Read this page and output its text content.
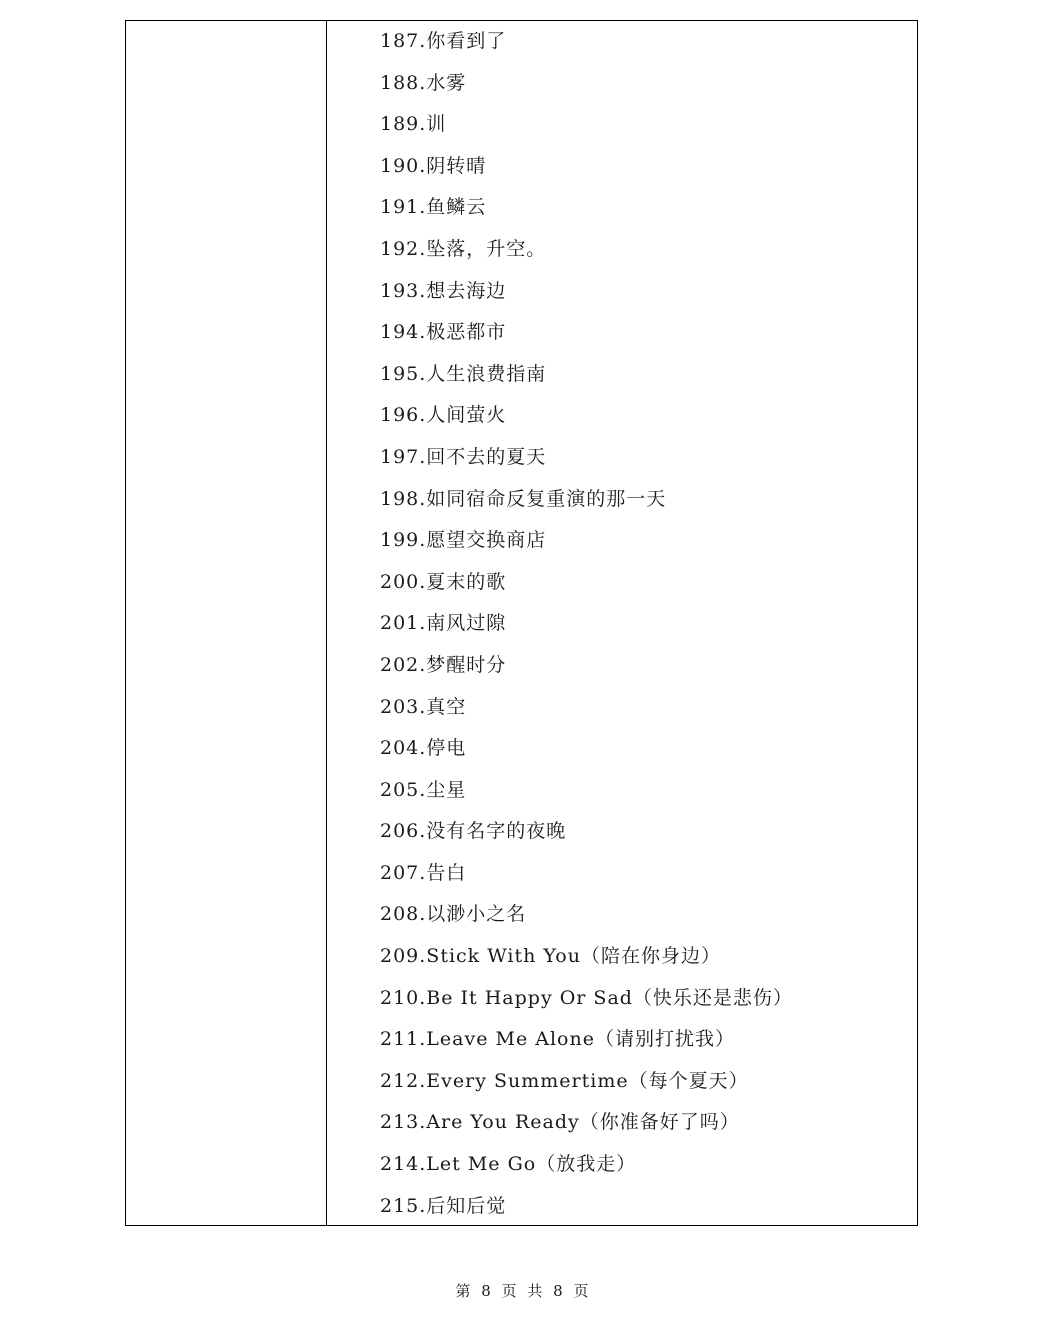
187.你看到了
188.水雾
189.训
190.阴转晴
191.鱼鳞云
192.坠落，升空。
193.想去海边
194.极恶都市
195.人生浪费指南
196.人间萤火
197.回不去的夏天
198.如同宿命反复重演的那一天
199.愿望交换商店
200.夏末的歌
201.南风过隙
202.梦醒时分
203.真空
204.停电
205.尘星
206.没有名字的夜晚
207.告白
208.以渺小之名
209.Stick With You（陪在你身边）
210.Be It Happy Or Sad（快乐还是悲伤）
211.Leave Me Alone（请别打扰我）
212.Every Summertime（每个夏天）
213.Are You Ready（你准备好了吗）
214.Let Me Go（放我走）
215.后知后觉
第 8 页 共 8 页
